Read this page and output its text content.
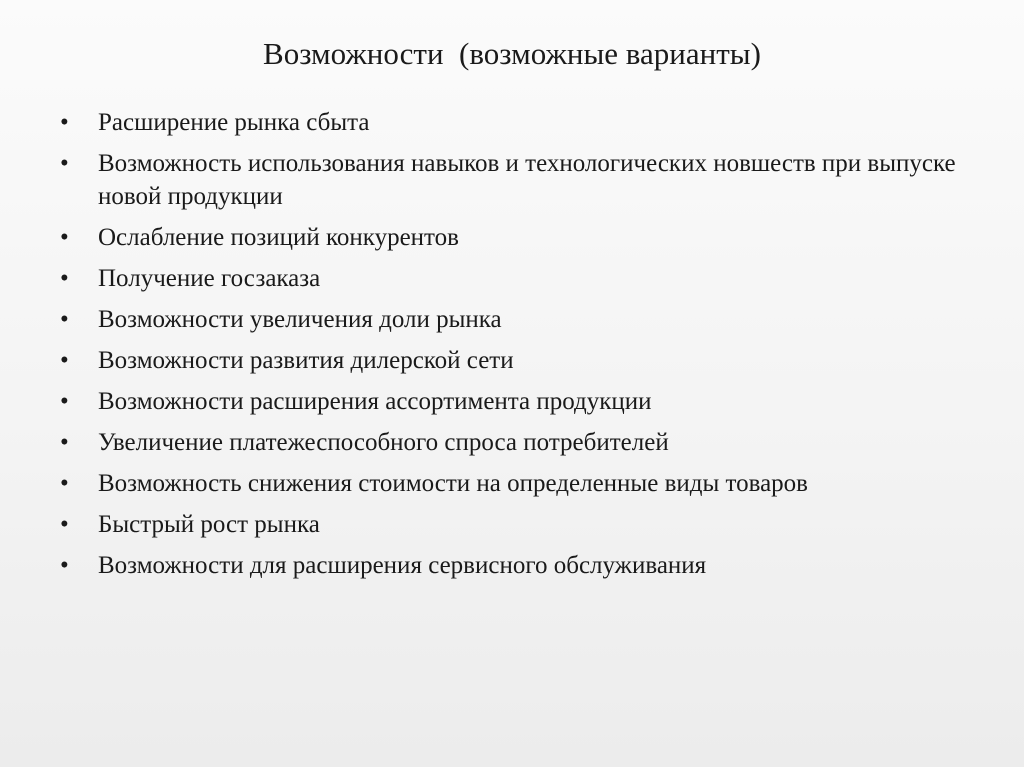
Возможности  (возможные варианты)
• Расширение рынка сбыта
• Возможность использования навыков и технологических новшеств при выпуске новой продукции
• Ослабление позиций конкурентов
• Получение госзаказа
• Возможности увеличения доли рынка
• Возможности развития дилерской сети
• Возможности расширения ассортимента продукции
• Увеличение платежеспособного спроса потребителей
• Возможность снижения стоимости на определенные виды товаров
• Быстрый рост рынка
• Возможности для расширения сервисного обслуживания
